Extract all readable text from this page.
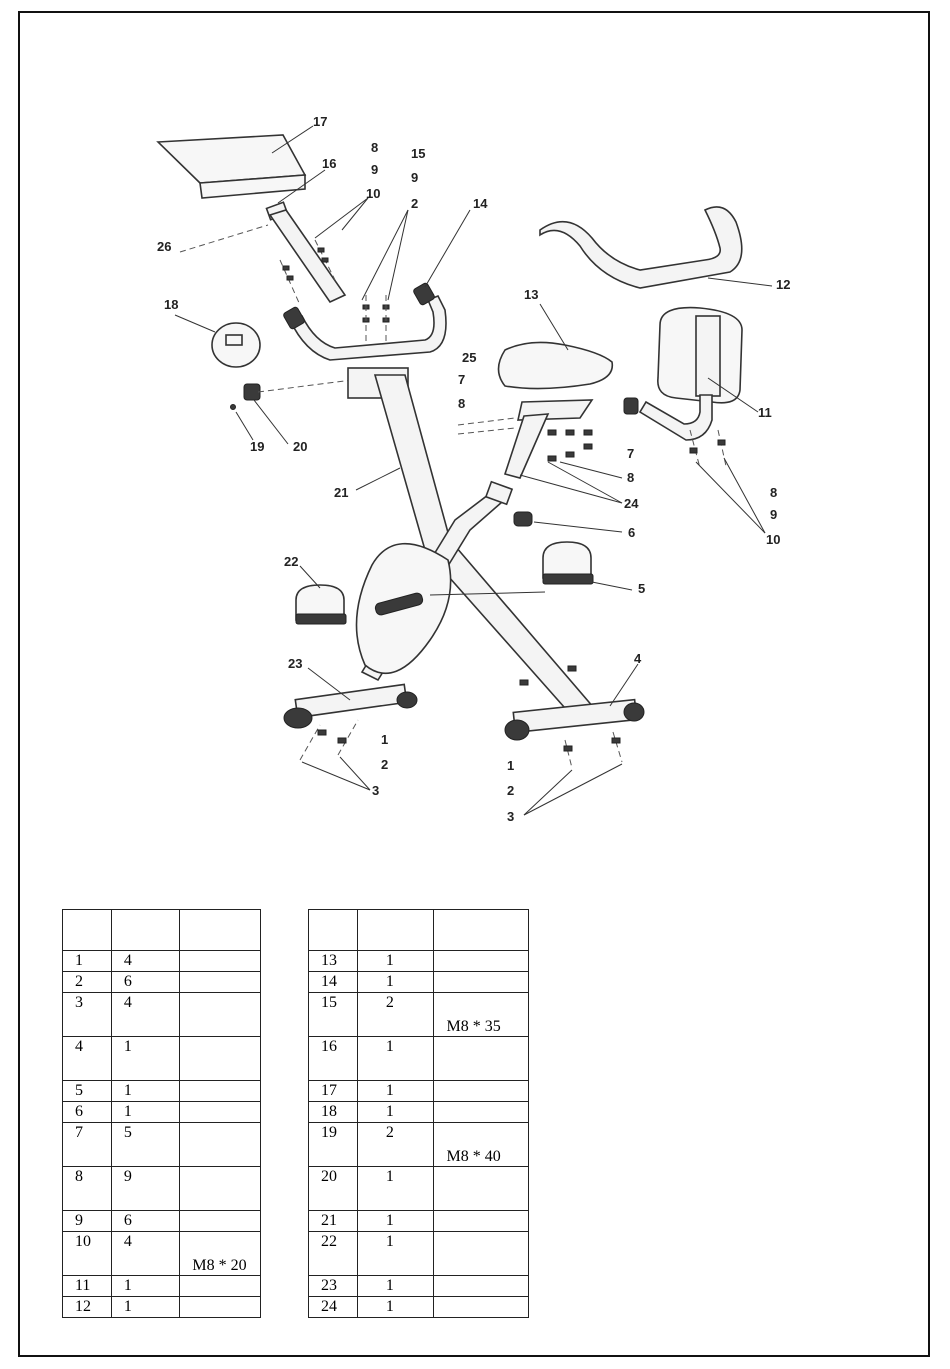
17
16
8
9
15
9
10
2	14
26
18
12
13
25
7
8
11
19 20	7
8
24
21	8
9
10
6
22
5
23	4
1
2
3
1
2
3

1	4	
2	6	
3	4	
4	1	
5	1	
6	1	
7	5	
8	9	
9	6	
10	4	M8 * 20
11	1	
12	1	

13	1	
14	1	
15	2	M8 * 35
16	1	
17	1	
18	1	
19	2	M8 * 40
20	1	
21	1	
22	1	
23	1	
24	1	
